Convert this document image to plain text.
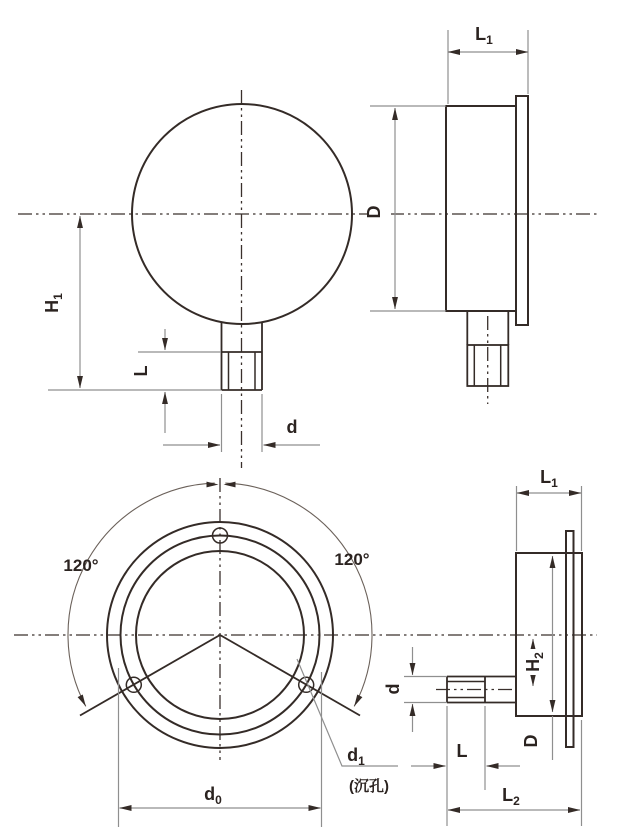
$H_1$
L
d
$L_1$
D
120°	120°
$d_0$
$d_1$
(沉孔)
$L_1$
D
$H_2$
d
L
$L_2$
